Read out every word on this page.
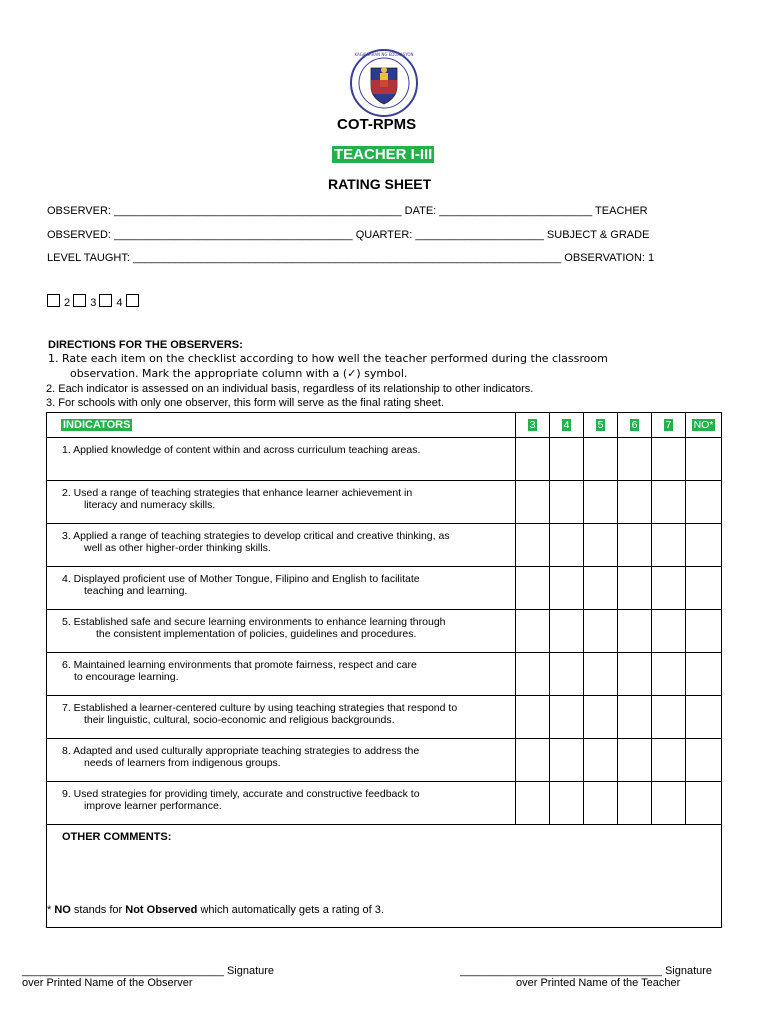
KAGAWARAN NG EDUKASYON
COT-RPMS
TEACHER I-III
RATING SHEET
OBSERVER: _______________________________________________ DATE: _________________________ TEACHER
OBSERVED: _______________________________________ QUARTER: _____________________ SUBJECT & GRADE
LEVEL TAUGHT: ______________________________________________________________________ OBSERVATION: 1
2 3 4
DIRECTIONS FOR THE OBSERVERS:
1. Rate each item on the checklist according to how well the teacher performed during the classroom
observation. Mark the appropriate column with a (✓) symbol.
2. Each indicator is assessed on an individual basis, regardless of its relationship to other indicators.
3. For schools with only one observer, this form will serve as the final rating sheet.
INDICATORS	3	4	5	6	7	NO*
1. Applied knowledge of content within and across curriculum teaching areas.						
2. Used a range of teaching strategies that enhance learner achievement in
literacy and numeracy skills.						

3. Applied a range of teaching strategies to develop critical and creative thinking, as
well as other higher-order thinking skills.						

4. Displayed proficient use of Mother Tongue, Filipino and English to facilitate
teaching and learning.						

5. Established safe and secure learning environments to enhance learning through
the consistent implementation of policies, guidelines and procedures.						

6. Maintained learning environments that promote fairness, respect and care
to encourage learning.						

7. Established a learner-centered culture by using teaching strategies that respond to
their linguistic, cultural, socio-economic and religious backgrounds.						

8. Adapted and used culturally appropriate teaching strategies to address the
needs of learners from indigenous groups.						

9. Used strategies for providing timely, accurate and constructive feedback to
improve learner performance.						

OTHER COMMENTS:						
* NO stands for Not Observed which automatically gets a rating of 3.
_________________________________ Signature
over Printed Name of the Observer
_________________________________ Signature
over Printed Name of the Teacher
